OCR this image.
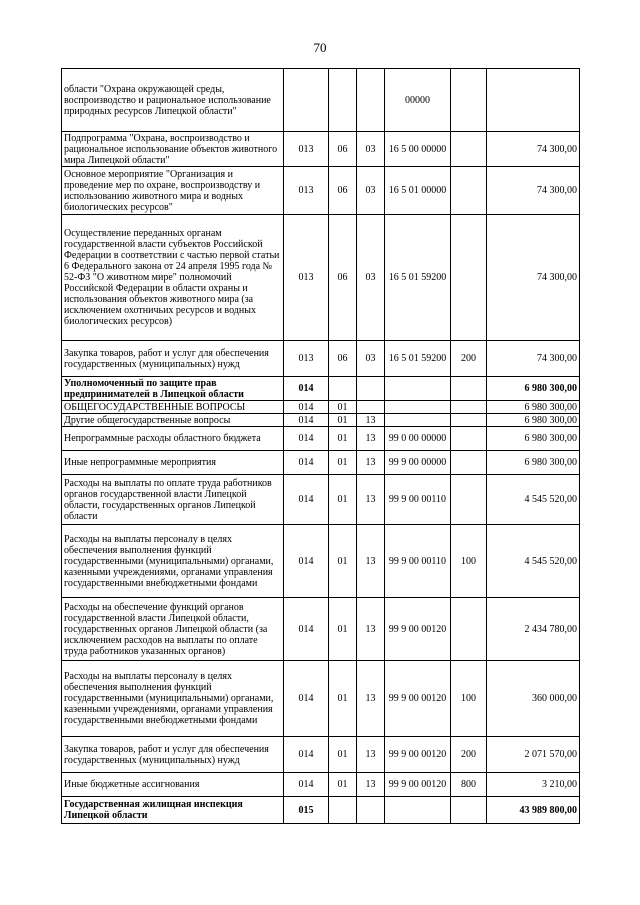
70
области "Охрана окружающей среды, воспроизводство и рациональное использование природных ресурсов Липецкой области"				00000		
Подпрограмма "Охрана, воспроизводство и рациональное использование объектов животного мира Липецкой области"	013	06	03	16 5 00 00000		74 300,00
Основное мероприятие "Организация и проведение мер по охране, воспроизводству и использованию животного мира и водных биологических ресурсов"	013	06	03	16 5 01 00000		74 300,00
Осуществление переданных органам государственной власти субъектов Российской Федерации в соответствии с частью первой статьи 6 Федерального закона от 24 апреля 1995 года № 52-ФЗ "О животном мире" полномочий Российской Федерации в области охраны и использования объектов животного мира (за исключением охотничьих ресурсов и водных биологических ресурсов)	013	06	03	16 5 01 59200		74 300,00
Закупка товаров, работ и услуг для обеспечения государственных (муниципальных) нужд	013	06	03	16 5 01 59200	200	74 300,00
Уполномоченный по защите прав предпринимателей в Липецкой области	014					6 980 300,00
ОБЩЕГОСУДАРСТВЕННЫЕ ВОПРОСЫ	014	01				6 980 300,00
Другие общегосударственные вопросы	014	01	13			6 980 300,00
Непрограммные расходы областного бюджета	014	01	13	99 0 00 00000		6 980 300,00
Иные непрограммные мероприятия	014	01	13	99 9 00 00000		6 980 300,00
Расходы на выплаты по оплате труда работников органов государственной власти Липецкой области, государственных органов Липецкой области	014	01	13	99 9 00 00110		4 545 520,00
Расходы на выплаты персоналу в целях обеспечения выполнения функций государственными (муниципальными) органами, казенными учреждениями, органами управления государственными внебюджетными фондами	014	01	13	99 9 00 00110	100	4 545 520,00
Расходы на обеспечение функций органов государственной власти Липецкой области, государственных органов Липецкой области (за исключением расходов на выплаты по оплате труда работников указанных органов)	014	01	13	99 9 00 00120		2 434 780,00
Расходы на выплаты персоналу в целях обеспечения выполнения функций государственными (муниципальными) органами, казенными учреждениями, органами управления государственными внебюджетными фондами	014	01	13	99 9 00 00120	100	360 000,00
Закупка товаров, работ и услуг для обеспечения государственных (муниципальных) нужд	014	01	13	99 9 00 00120	200	2 071 570,00
Иные бюджетные ассигнования	014	01	13	99 9 00 00120	800	3 210,00
Государственная жилищная инспекция Липецкой области	015					43 989 800,00
